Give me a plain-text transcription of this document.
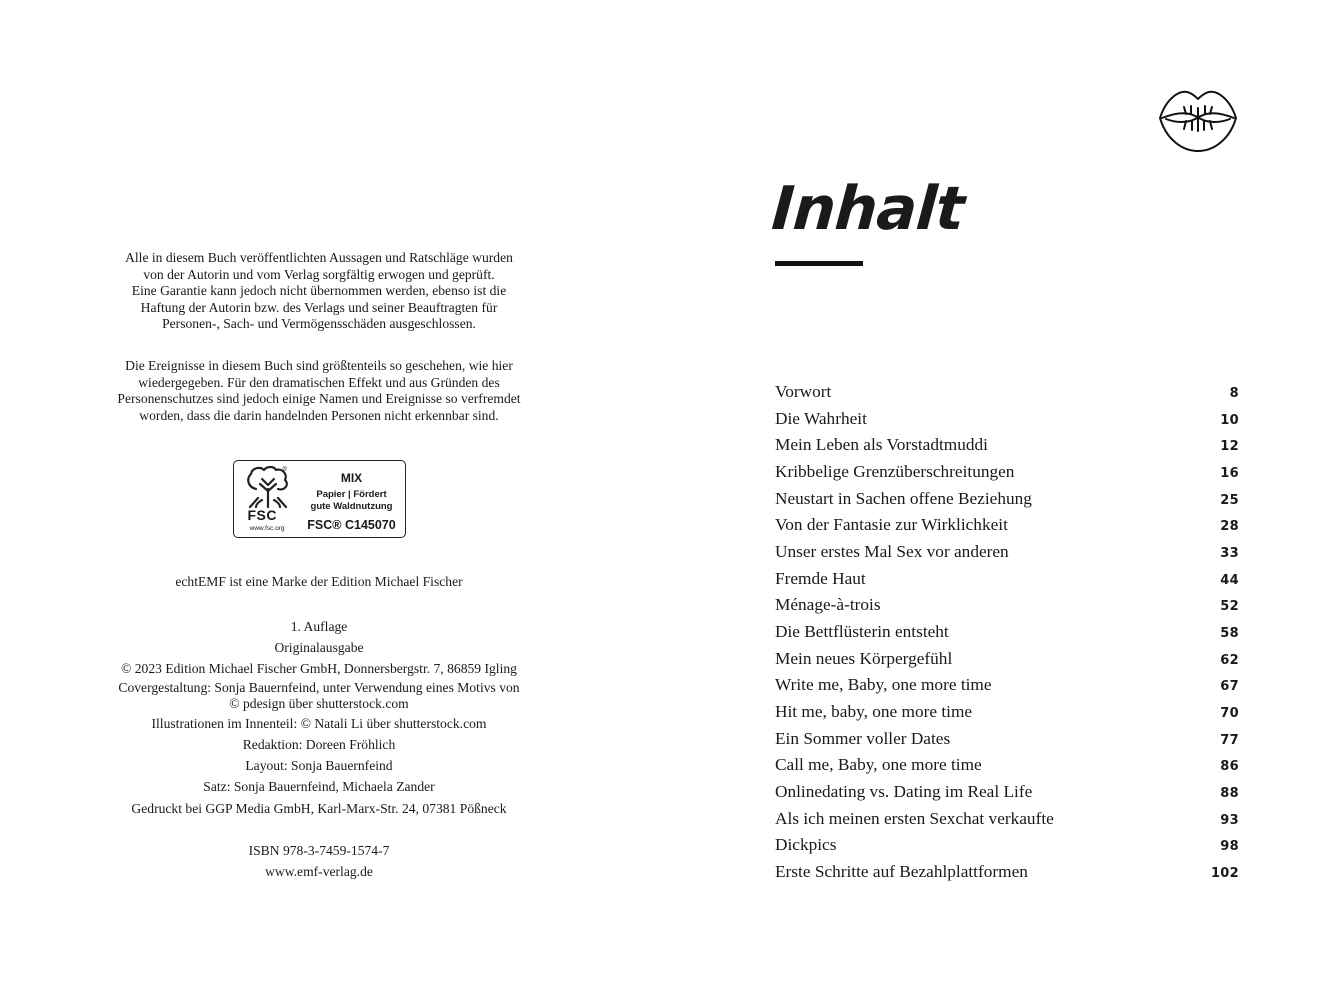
Alle in diesem Buch veröffentlichten Aussagen und Ratschläge wurden
von der Autorin und vom Verlag sorgfältig erwogen und geprüft.
Eine Garantie kann jedoch nicht übernommen werden, ebenso ist die
Haftung der Autorin bzw. des Verlags und seiner Beauftragten für
Personen-, Sach- und Vermögensschäden ausgeschlossen.

Die Ereignisse in diesem Buch sind größtenteils so geschehen, wie hier
wiedergegeben. Für den dramatischen Effekt und aus Gründen des
Personenschutzes sind jedoch einige Namen und Ereignisse so verfremdet
worden, dass die darin handelnden Personen nicht erkennbar sind.

®
FSC
www.fsc.org
MIX
Papier | Fördert
gute Waldnutzung
FSC® C145070
echtEMF ist eine Marke der Edition Michael Fischer
1. Auflage
Originalausgabe
© 2023 Edition Michael Fischer GmbH, Donnersbergstr. 7, 86859 Igling
Covergestaltung: Sonja Bauernfeind, unter Verwendung eines Motivs von
© pdesign über shutterstock.com
Illustrationen im Innenteil: © Natali Li über shutterstock.com
Redaktion: Doreen Fröhlich
Layout: Sonja Bauernfeind
Satz: Sonja Bauernfeind, Michaela Zander
Gedruckt bei GGP Media GmbH, Karl-Marx-Str. 24, 07381 Pößneck
ISBN 978-3-7459-1574-7
www.emf-verlag.de
Inhalt
Vorwort	8
Die Wahrheit	10
Mein Leben als Vorstadtmuddi	12
Kribbelige Grenzüberschreitungen	16
Neustart in Sachen offene Beziehung	25
Von der Fantasie zur Wirklichkeit	28
Unser erstes Mal Sex vor anderen	33
Fremde Haut	44
Ménage-à-trois	52
Die Bettflüsterin entsteht	58
Mein neues Körpergefühl	62
Write me, Baby, one more time	67
Hit me, baby, one more time	70
Ein Sommer voller Dates	77
Call me, Baby, one more time	86
Onlinedating vs. Dating im Real Life	88
Als ich meinen ersten Sexchat verkaufte	93
Dickpics	98
Erste Schritte auf Bezahlplattformen	102
